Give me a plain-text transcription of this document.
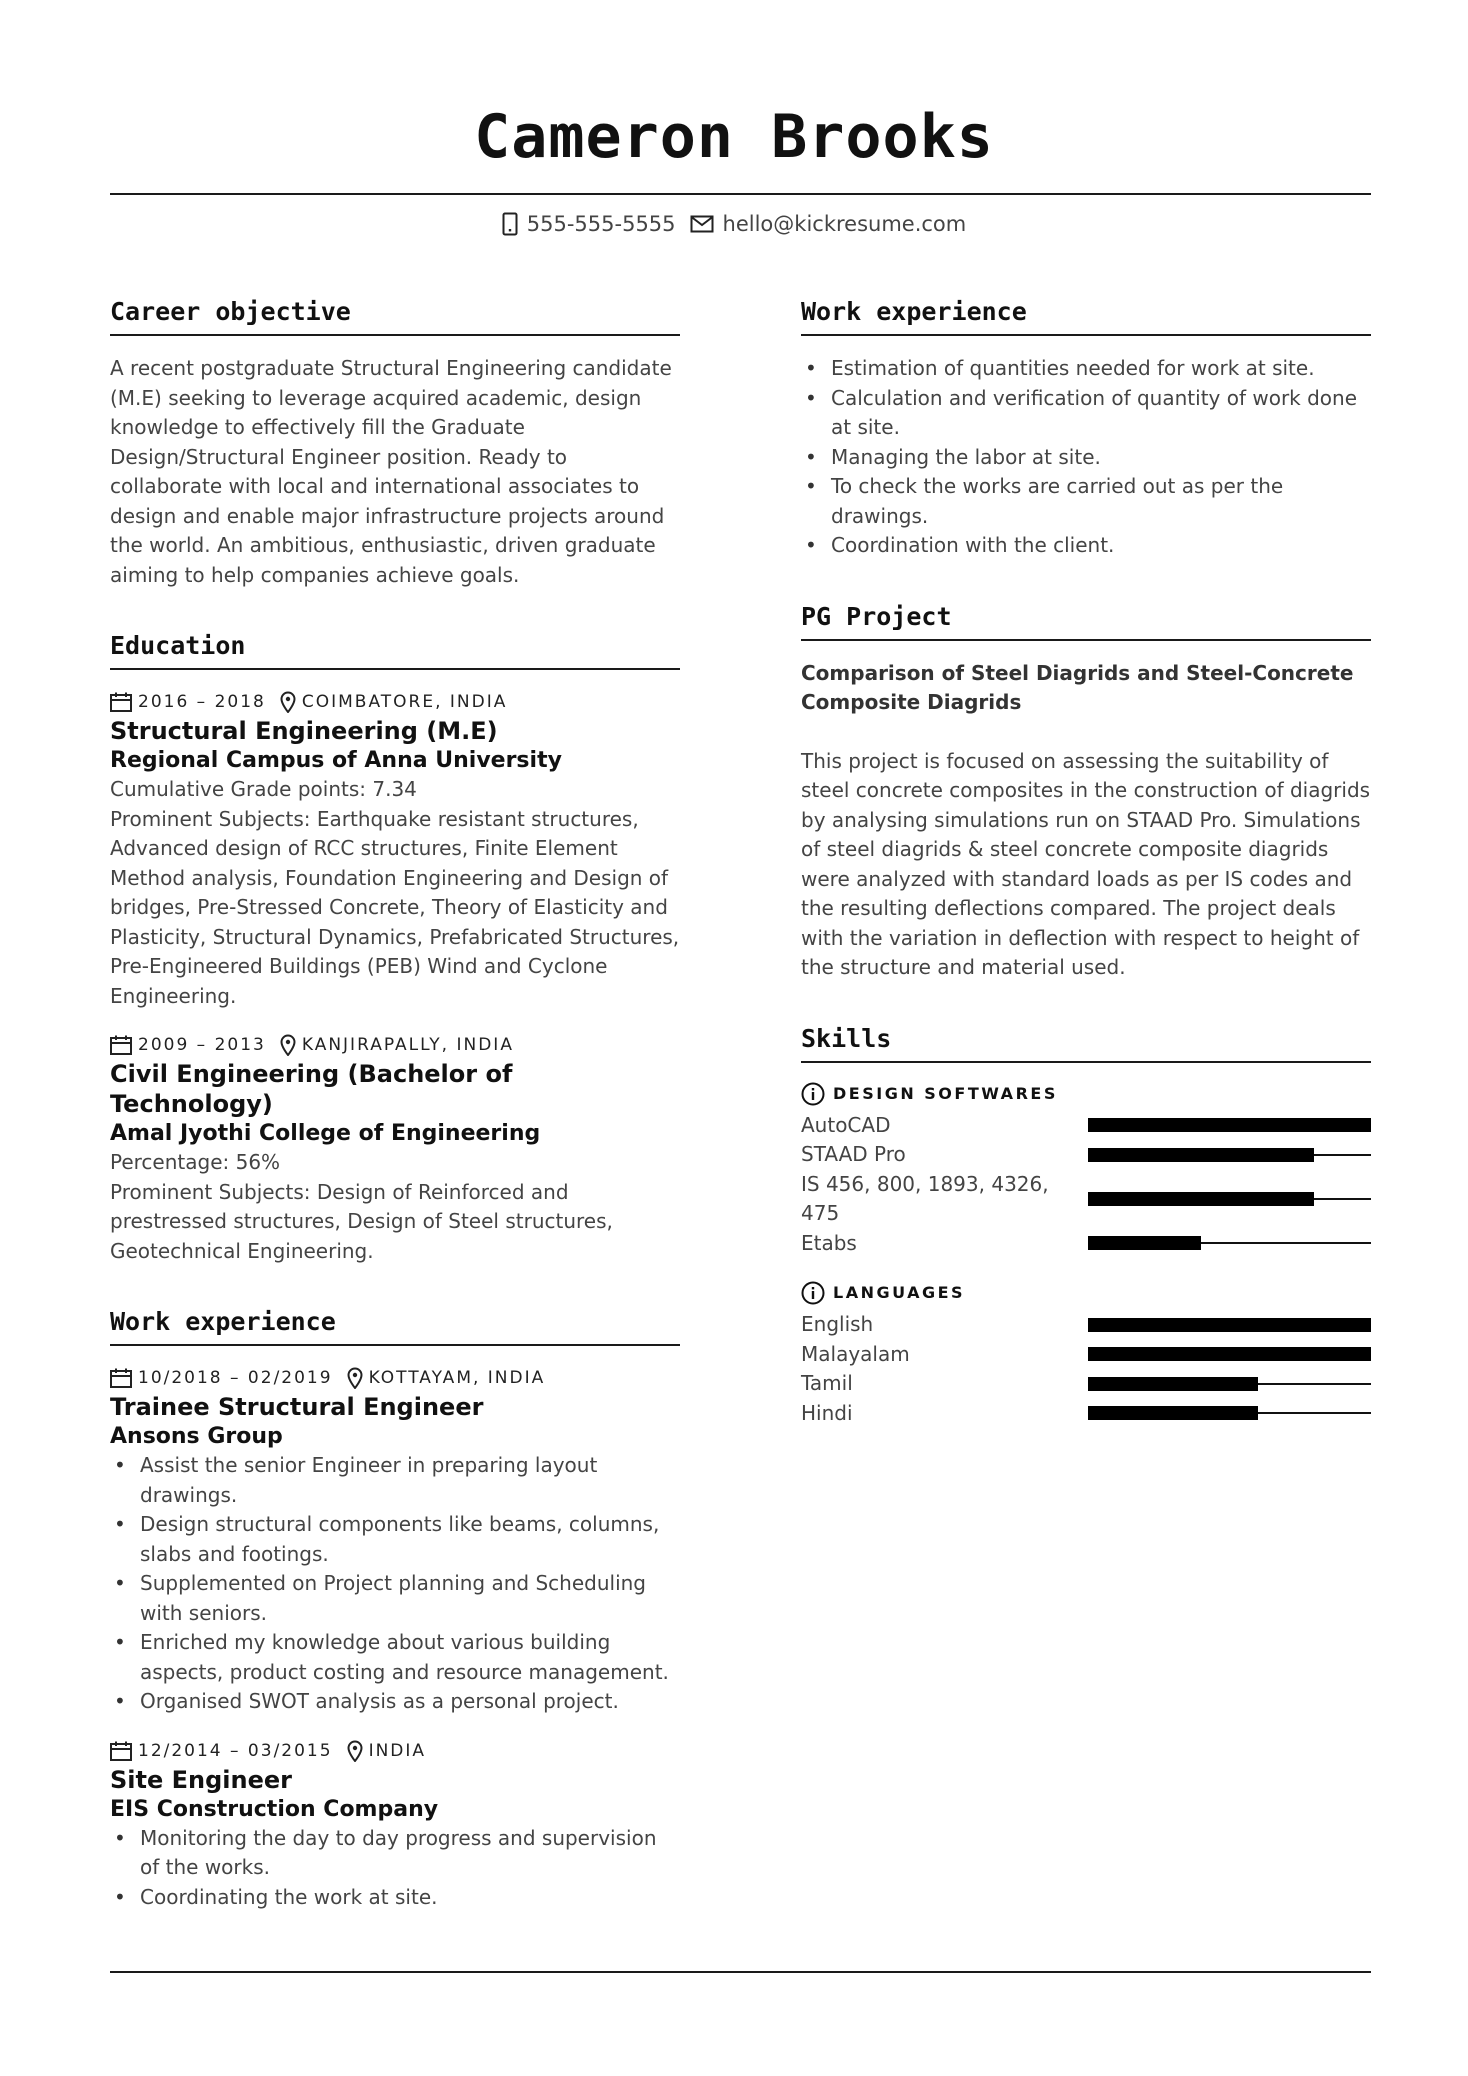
Cameron Brooks
555-555-5555 hello@kickresume.com
Career objective

A recent postgraduate Structural Engineering candidate (M.E) seeking to leverage acquired academic, design knowledge to effectively fill the Graduate Design/Structural Engineer position. Ready to collaborate with local and international associates to design and enable major infrastructure projects around the world. An ambitious, enthusiastic, driven graduate aiming to help companies achieve goals.

Education
2016 – 2018 COIMBATORE, INDIA
Structural Engineering (M.E)
Regional Campus of Anna University

Cumulative Grade points: 7.34

Prominent Subjects: Earthquake resistant structures, Advanced design of RCC structures, Finite Element Method analysis, Foundation Engineering and Design of bridges, Pre-Stressed Concrete, Theory of Elasticity and Plasticity, Structural Dynamics, Prefabricated Structures, Pre-Engineered Buildings (PEB) Wind and Cyclone Engineering.

2009 – 2013 KANJIRAPALLY, INDIA
Civil Engineering (Bachelor of Technology)
Amal Jyothi College of Engineering

Percentage: 56%

Prominent Subjects: Design of Reinforced and prestressed structures, Design of Steel structures, Geotechnical Engineering.

Work experience
10/2018 – 02/2019 KOTTAYAM, INDIA
Trainee Structural Engineer
Ansons Group
• Assist the senior Engineer in preparing layout drawings.
• Design structural components like beams, columns, slabs and footings.
• Supplemented on Project planning and Scheduling with seniors.
• Enriched my knowledge about various building aspects, product costing and resource management.
• Organised SWOT analysis as a personal project.
12/2014 – 03/2015 INDIA
Site Engineer
EIS Construction Company
• Monitoring the day to day progress and supervision of the works.
• Coordinating the work at site.
Work experience
• Estimation of quantities needed for work at site.
• Calculation and verification of quantity of work done at site.
• Managing the labor at site.
• To check the works are carried out as per the drawings.
• Coordination with the client.
PG Project
Comparison of Steel Diagrids and Steel-Concrete Composite Diagrids

This project is focused on assessing the suitability of steel concrete composites in the construction of diagrids by analysing simulations run on STAAD Pro. Simulations of steel diagrids & steel concrete composite diagrids were analyzed with standard loads as per IS codes and the resulting deflections compared. The project deals with the variation in deflection with respect to height of the structure and material used.

Skills
DESIGN SOFTWARES
AutoCAD
STAAD Pro
IS 456, 800, 1893, 4326, 475
Etabs
LANGUAGES
English
Malayalam
Tamil
Hindi
